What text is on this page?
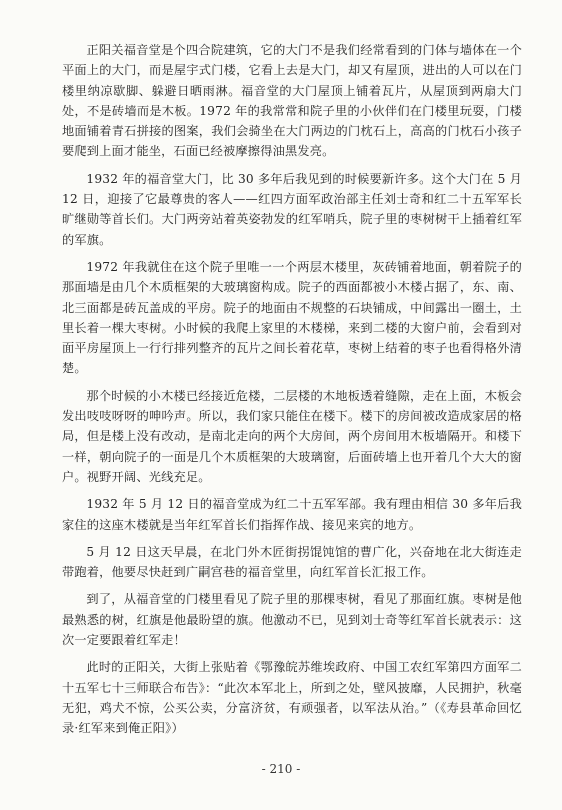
正阳关福音堂是个四合院建筑，它的大门不是我们经常看到的门体与墙体在一个平面上的大门，而是屋宇式门楼，它看上去是大门，却又有屋顶，进出的人可以在门楼里纳凉歇脚、躲避日晒雨淋。福音堂的大门屋顶上铺着瓦片，从屋顶到两扇大门处，不是砖墙而是木板。1972 年的我常常和院子里的小伙伴们在门楼里玩耍，门楼地面铺着青石拼接的图案，我们会骑坐在大门两边的门枕石上，高高的门枕石小孩子要爬到上面才能坐，石面已经被摩擦得油黑发亮。

1932 年的福音堂大门，比 30 多年后我见到的时候要新许多。这个大门在 5 月 12 日，迎接了它最尊贵的客人——红四方面军政治部主任刘士奇和红二十五军军长旷继勋等首长们。大门两旁站着英姿勃发的红军哨兵，院子里的枣树树干上插着红军的军旗。

1972 年我就住在这个院子里唯一一个两层木楼里，灰砖铺着地面，朝着院子的那面墙是由几个木质框架的大玻璃窗构成。院子的西面都被小木楼占据了，东、南、北三面都是砖瓦盖成的平房。院子的地面由不规整的石块铺成，中间露出一圈土，土里长着一棵大枣树。小时候的我爬上家里的木楼梯，来到二楼的大窗户前，会看到对面平房屋顶上一行行排列整齐的瓦片之间长着花草，枣树上结着的枣子也看得格外清楚。

那个时候的小木楼已经接近危楼，二层楼的木地板透着缝隙，走在上面，木板会发出吱吱呀呀的呻吟声。所以，我们家只能住在楼下。楼下的房间被改造成家居的格局，但是楼上没有改动，是南北走向的两个大房间，两个房间用木板墙隔开。和楼下一样，朝向院子的一面是几个木质框架的大玻璃窗，后面砖墙上也开着几个大大的窗户。视野开阔、光线充足。

1932 年 5 月 12 日的福音堂成为红二十五军军部。我有理由相信 30 多年后我家住的这座木楼就是当年红军首长们指挥作战、接见来宾的地方。

5 月 12 日这天早晨，在北门外木匠街拐馄饨馆的曹广化，兴奋地在北大街连走带跑着，他要尽快赶到广嗣宫巷的福音堂里，向红军首长汇报工作。

到了，从福音堂的门楼里看见了院子里的那棵枣树，看见了那面红旗。枣树是他最熟悉的树，红旗是他最盼望的旗。他激动不已，见到刘士奇等红军首长就表示：这次一定要跟着红军走！

此时的正阳关，大街上张贴着《鄂豫皖苏维埃政府、中国工农红军第四方面军二十五军七十三师联合布告》：“此次本军北上，所到之处，壁风披靡，人民拥护，秋毫无犯，鸡犬不惊，公买公卖，分富济贫，有顽强者，以军法从治。”（《寿县革命回忆录·红军来到俺正阳》）

- 210 -
